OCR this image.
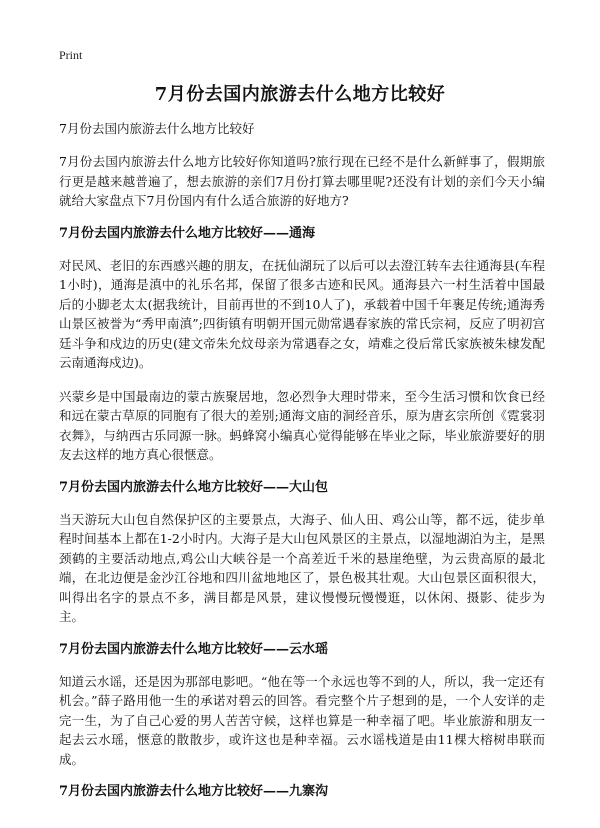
Print
7月份去国内旅游去什么地方比较好

7月份去国内旅游去什么地方比较好

7月份去国内旅游去什么地方比较好你知道吗?旅行现在已经不是什么新鲜事了，假期旅行更是越来越普遍了，想去旅游的亲们7月份打算去哪里呢?还没有计划的亲们今天小编就给大家盘点下7月份国内有什么适合旅游的好地方?

7月份去国内旅游去什么地方比较好——通海

对民风、老旧的东西感兴趣的朋友，在抚仙湖玩了以后可以去澄江转车去往通海县(车程1小时)，通海是滇中的礼乐名邦，保留了很多古迹和民风。通海县六一村生活着中国最后的小脚老太太(据我统计，目前再世的不到10人了)，承载着中国千年裹足传统;通海秀山景区被誉为“秀甲南滇”;四街镇有明朝开国元勋常遇春家族的常氏宗祠，反应了明初宫廷斗争和戍边的历史(建文帝朱允炆母亲为常遇春之女，靖难之役后常氏家族被朱棣发配云南通海戍边)。

兴蒙乡是中国最南边的蒙古族聚居地，忽必烈争大理时带来，至今生活习惯和饮食已经和远在蒙古草原的同胞有了很大的差别;通海文庙的洞经音乐，原为唐玄宗所创《霓裳羽衣舞》，与纳西古乐同源一脉。蚂蜂窝小编真心觉得能够在毕业之际，毕业旅游要好的朋友去这样的地方真心很惬意。

7月份去国内旅游去什么地方比较好——大山包

当天游玩大山包自然保护区的主要景点，大海子、仙人田、鸡公山等，都不远，徒步单程时间基本上都在1-2小时内。大海子是大山包风景区的主景点，以湿地湖泊为主，是黑颈鹤的主要活动地点,鸡公山大峡谷是一个高差近千米的悬崖绝壁，为云贵高原的最北端，在北边便是金沙江谷地和四川盆地地区了，景色极其壮观。大山包景区面积很大，叫得出名字的景点不多，满目都是风景，建议慢慢玩慢慢逛，以休闲、摄影、徒步为主。

7月份去国内旅游去什么地方比较好——云水瑶

知道云水谣，还是因为那部电影吧。“他在等一个永远也等不到的人，所以，我一定还有机会。”薛子路用他一生的承诺对碧云的回答。看完整个片子想到的是，一个人安详的走完一生，为了自己心爱的男人苦苦守候，这样也算是一种幸福了吧。毕业旅游和朋友一起去云水瑶，惬意的散散步，或许这也是种幸福。云水谣栈道是由11棵大榕树串联而成。

7月份去国内旅游去什么地方比较好——九寨沟
